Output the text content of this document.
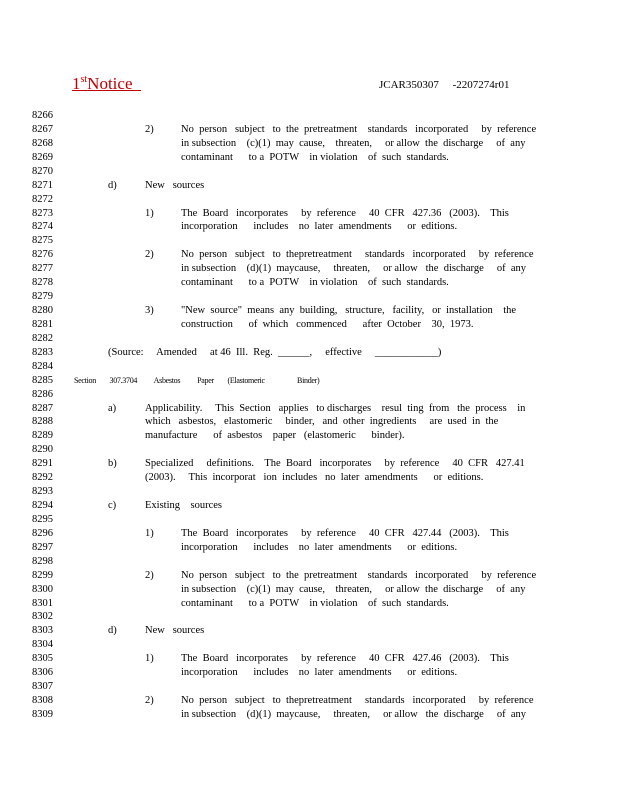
1stNotice	JCAR350307     -2207274r01
8266
8267	2)	No  person   subject   to  the  pretreatment    standards   incorporated     by  reference
8268	in subsection    (c)(1)  may  cause,    threaten,     or allow  the  discharge     of  any
8269	contaminant      to a  POTW    in violation    of  such  standards.
8270
8271	d)	New   sources
8272
8273	1)	The  Board   incorporates     by  reference     40  CFR   427.36   (2003).    This
8274	incorporation      includes    no  later  amendments      or  editions.
8275
8276	2)	No  person   subject   to  thepretreatment     standards   incorporated     by  reference
8277	in subsection    (d)(1)  maycause,     threaten,     or allow   the  discharge     of  any
8278	contaminant      to a  POTW    in violation    of  such  standards.
8279
8280	3)	"New  source"  means  any  building,   structure,   facility,   or  installation    the
8281	construction      of  which   commenced      after  October    30,  1973.
8282
8283	(Source:     Amended     at 46  Ill.  Reg.  ______,     effective     ____________)
8284
8285	Section        307.3704          Asbestos          Paper        (Elastomeric                   Binder)
8286
8287	a)	Applicability.     This  Section   applies   to discharges    resul  ting  from   the  process    in
8288	which   asbestos,   elastomeric     binder,   and  other  ingredients     are  used  in  the
8289	manufacture      of  asbestos    paper   (elastomeric      binder).
8290
8291	b)	Specialized     definitions.    The  Board   incorporates     by  reference     40  CFR   427.41
8292	(2003).     This  incorporat   ion  includes   no  later  amendments      or  editions.
8293
8294	c)	Existing    sources
8295
8296	1)	The  Board   incorporates     by  reference     40  CFR   427.44   (2003).    This
8297	incorporation      includes    no  later  amendments      or  editions.
8298
8299	2)	No  person   subject   to  the  pretreatment    standards   incorporated     by  reference
8300	in subsection    (c)(1)  may  cause,    threaten,     or allow  the  discharge     of  any
8301	contaminant      to a  POTW    in violation    of  such  standards.
8302
8303	d)	New   sources
8304
8305	1)	The  Board   incorporates     by  reference     40  CFR   427.46   (2003).    This
8306	incorporation      includes    no  later  amendments      or  editions.
8307
8308	2)	No  person   subject   to  thepretreatment     standards   incorporated     by  reference
8309	in subsection    (d)(1)  maycause,     threaten,     or allow   the  discharge     of  any
